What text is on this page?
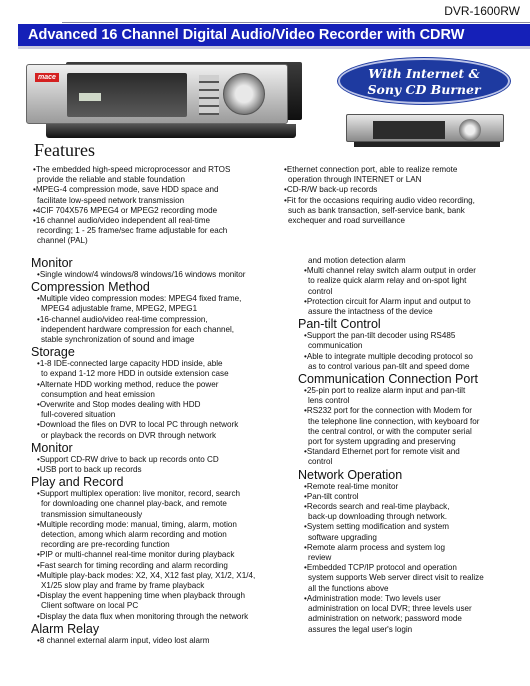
DVR-1600RW
Advanced 16 Channel Digital Audio/Video Recorder with CDRW
mace	With Internet &
Sony CD Burner
Features
• The embedded high-speed microprocessor and RTOS
provide the reliable and stable foundation
• MPEG-4 compression mode, save HDD space and
facilitate low-speed network transmission
• 4CIF 704X576 MPEG4 or MPEG2 recording mode
• 16 channel audio/video independent all real-time
recording; 1 - 25 frame/sec frame adjustable for each
channel (PAL)
• Ethernet connection port, able to realize remote
operation through INTERNET or LAN
• CD-R/W back-up records
• Fit for the occasions requiring audio video recording,
such as bank transaction, self-service bank, bank
exchequer and road surveillance
Monitor
• Single window/4 windows/8 windows/16 windows monitor
Compression Method
• Multiple video compression modes: MPEG4 fixed frame,
MPEG4 adjustable frame, MPEG2, MPEG1
• 16-channel audio/video real-time compression,
independent hardware compression for each channel,
stable synchronization of sound and image
Storage
• 1-8 IDE-connected large capacity HDD inside, able
to expand 1-12 more HDD in outside extension case
• Alternate HDD working method, reduce the power
consumption and heat emission
• Overwrite and Stop modes dealing with HDD
full-covered situation
• Download the files on DVR to local PC through network
or playback the records on DVR through network
Monitor
• Support CD-RW drive to back up records onto CD
• USB port to back up records
Play and Record
• Support multiplex operation: live monitor, record, search
for downloading one channel play-back, and remote
transmission simultaneously
• Multiple recording mode: manual, timing, alarm, motion
detection, among which alarm recording and motion
recording are pre-recording function
• PIP or multi-channel real-time monitor during playback
• Fast search for timing recording and alarm recording
• Multiple play-back modes: X2, X4, X12 fast play, X1/2, X1/4,
X1/25 slow play and frame by frame playback
• Display the event happening time when playback through
Client software on local PC
• Display the data flux when monitoring through the network
Alarm Relay
• 8 channel external alarm input, video lost alarm
and motion detection alarm
• Multi channel relay switch alarm output in order
to realize quick alarm relay and on-spot light
control
• Protection circuit for Alarm input and output to
assure the intactness of the device
Pan-tilt Control
• Support the pan-tilt decoder using RS485
communication
• Able to integrate multiple decoding protocol so
as to control various pan-tilt and speed dome
Communication Connection Port
• 25-pin port to realize alarm input and pan-tilt
lens control
• RS232 port for the connection with Modem for
the telephone line connection, with keyboard for
the central control, or with the computer serial
port for system upgrading and preserving
• Standard Ethernet port for remote visit and
control
Network Operation
• Remote real-time monitor
• Pan-tilt control
• Records search and real-time playback,
back-up downloading through network.
• System setting modification and system
software upgrading
• Remote alarm process and system log
review
• Embedded TCP/IP protocol and operation
system supports Web server direct visit to realize
all the functions above
• Administration mode: Two levels user
administration on local DVR; three levels user
administration on network; password mode
assures the legal user's login
